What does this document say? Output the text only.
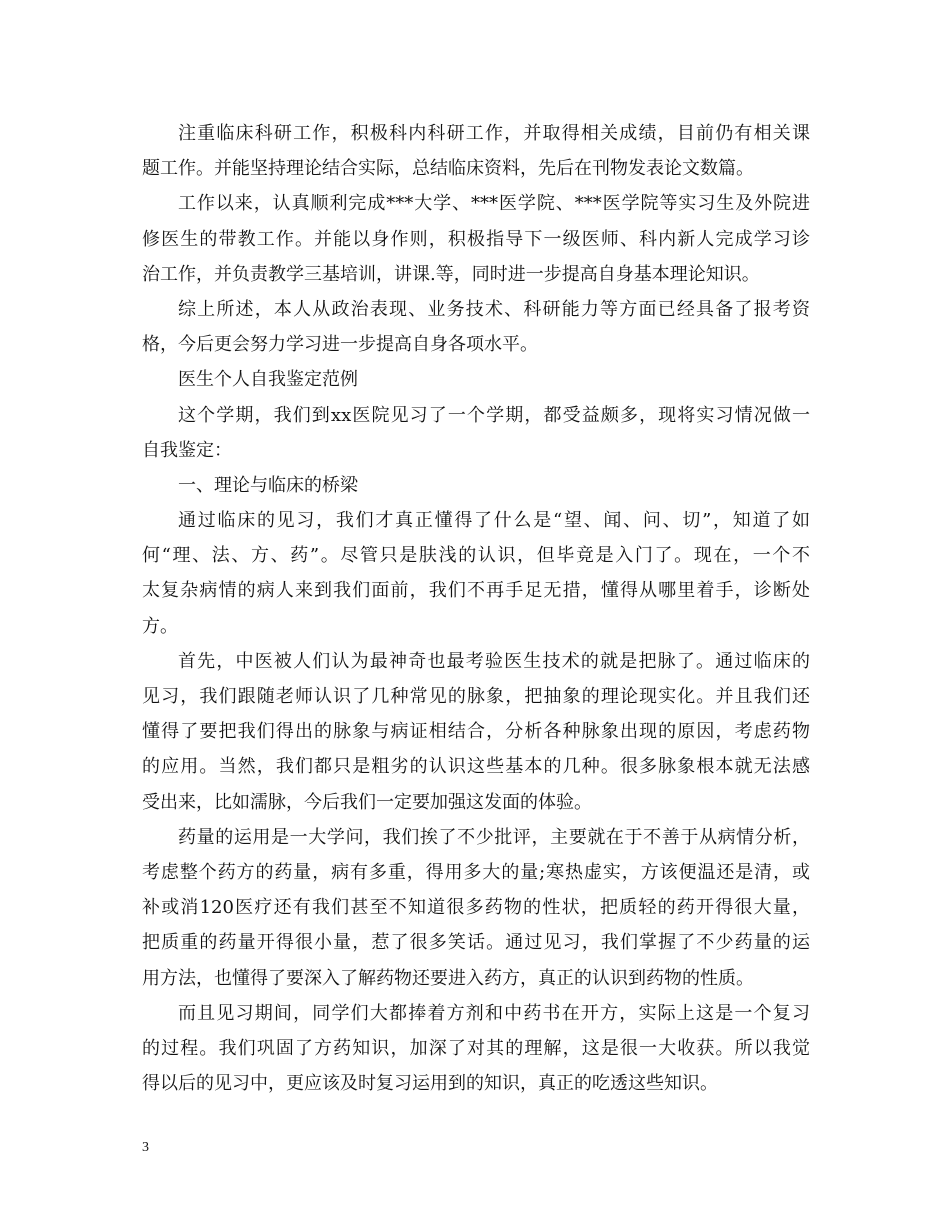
注重临床科研工作，积极科内科研工作，并取得相关成绩，目前仍有相关课
题工作。并能坚持理论结合实际，总结临床资料，先后在刊物发表论文数篇。
工作以来，认真顺利完成***大学、***医学院、***医学院等实习生及外院进
修医生的带教工作。并能以身作则，积极指导下一级医师、科内新人完成学习诊
治工作，并负责教学三基培训，讲课.等，同时进一步提高自身基本理论知识。
综上所述，本人从政治表现、业务技术、科研能力等方面已经具备了报考资
格，今后更会努力学习进一步提高自身各项水平。
医生个人自我鉴定范例
这个学期，我们到xx医院见习了一个学期，都受益颇多，现将实习情况做一
自我鉴定：
一、理论与临床的桥梁
通过临床的见习，我们才真正懂得了什么是“望、闻、问、切”，知道了如
何“理、法、方、药”。尽管只是肤浅的认识，但毕竟是入门了。现在，一个不
太复杂病情的病人来到我们面前，我们不再手足无措，懂得从哪里着手，诊断处
方。
首先，中医被人们认为最神奇也最考验医生技术的就是把脉了。通过临床的
见习，我们跟随老师认识了几种常见的脉象，把抽象的理论现实化。并且我们还
懂得了要把我们得出的脉象与病证相结合，分析各种脉象出现的原因，考虑药物
的应用。当然，我们都只是粗劣的认识这些基本的几种。很多脉象根本就无法感
受出来，比如濡脉，今后我们一定要加强这发面的体验。
药量的运用是一大学问，我们挨了不少批评，主要就在于不善于从病情分析，
考虑整个药方的药量，病有多重，得用多大的量;寒热虚实，方该便温还是清，或
补或消120医疗还有我们甚至不知道很多药物的性状，把质轻的药开得很大量，
把质重的药量开得很小量，惹了很多笑话。通过见习，我们掌握了不少药量的运
用方法，也懂得了要深入了解药物还要进入药方，真正的认识到药物的性质。
而且见习期间，同学们大都捧着方剂和中药书在开方，实际上这是一个复习
的过程。我们巩固了方药知识，加深了对其的理解，这是很一大收获。所以我觉
得以后的见习中，更应该及时复习运用到的知识，真正的吃透这些知识。
3
